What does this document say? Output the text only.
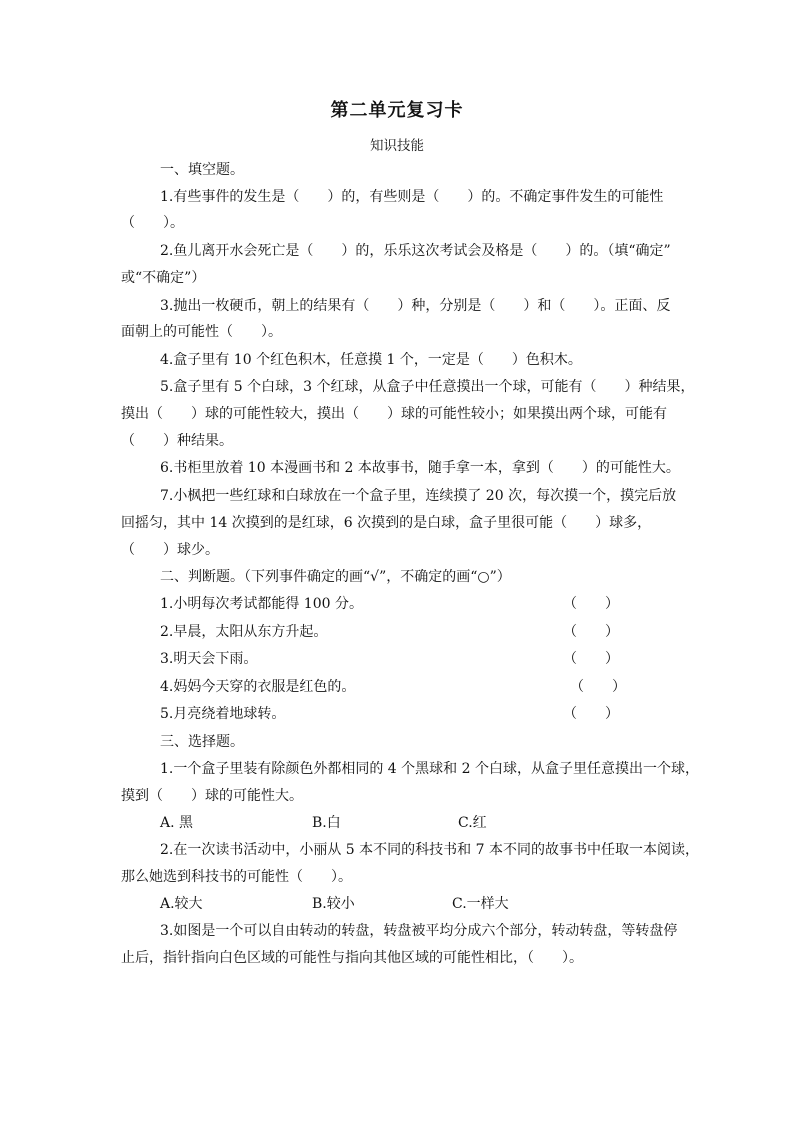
第二单元复习卡
知识技能
一、填空题。
1.有些事件的发生是（　　）的，有些则是（　　）的。不确定事件发生的可能性
（　　）。
2.鱼儿离开水会死亡是（　　）的，乐乐这次考试会及格是（　　）的。（填“确定”
或“不确定”）
3.抛出一枚硬币，朝上的结果有（　　）种，分别是（　　）和（　　）。正面、反
面朝上的可能性（　　）。
4.盒子里有 10 个红色积木，任意摸 1 个，一定是（　　）色积木。
5.盒子里有 5 个白球，3 个红球，从盒子中任意摸出一个球，可能有（　　）种结果，
摸出（　　）球的可能性较大，摸出（　　）球的可能性较小；如果摸出两个球，可能有
（　　）种结果。
6.书柜里放着 10 本漫画书和 2 本故事书，随手拿一本，拿到（　　）的可能性大。
7.小枫把一些红球和白球放在一个盒子里，连续摸了 20 次，每次摸一个，摸完后放
回摇匀，其中 14 次摸到的是红球，6 次摸到的是白球，盒子里很可能（　　）球多，
（　　）球少。
二、判断题。（下列事件确定的画“√”，不确定的画“○”）
1.小明每次考试都能得 100 分。	（　　）
2.早晨，太阳从东方升起。	（　　）
3.明天会下雨。	（　　）
4.妈妈今天穿的衣服是红色的。	（　　）
5.月亮绕着地球转。	（　　）
三、选择题。
1.一个盒子里装有除颜色外都相同的 4 个黑球和 2 个白球，从盒子里任意摸出一个球，
摸到（　　）球的可能性大。
A. 黑	B.白	C.红
2.在一次读书活动中，小丽从 5 本不同的科技书和 7 本不同的故事书中任取一本阅读，
那么她选到科技书的可能性（　　）。
A.较大	B.较小	C.一样大
3.如图是一个可以自由转动的转盘，转盘被平均分成六个部分，转动转盘，等转盘停
止后，指针指向白色区域的可能性与指向其他区域的可能性相比，（　　）。
